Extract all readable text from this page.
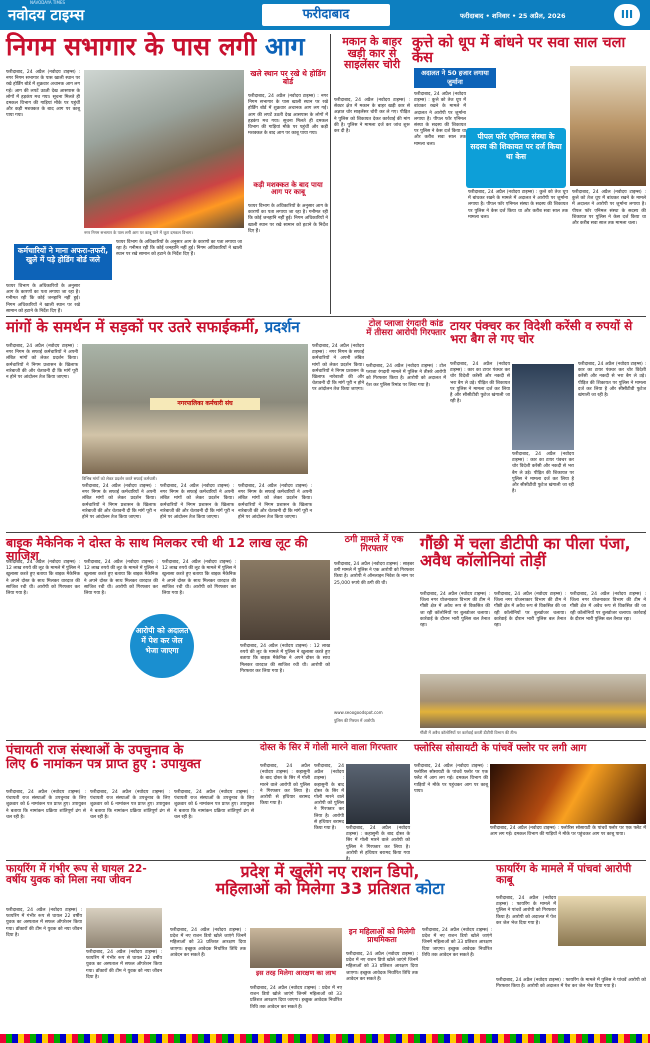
नवोदय टाइम्स
NAVODAYA TIMES
फरीदाबाद	फरीदाबाद • शनिवार • 25 अप्रैल, 2026	III
निगम सभागार के पास लगी आग
नगर निगम सभागार के पास लगी आग पर काबू पाने में जुटा दमकल विभाग।
फरीदाबाद, 24 अप्रैल (नवोदय टाइम्स) : नगर निगम सभागार के पास खाली स्थान पर रखे होर्डिंग बोर्ड में शुक्रवार अचानक आग लग गई। आग की लपटें उठती देख आसपास के लोगों में हड़कंप मच गया। सूचना मिलते ही दमकल विभाग की गाड़ियां मौके पर पहुंचीं और कड़ी मशक्कत के बाद आग पर काबू पाया गया।
कर्मचारियों ने माना अफरा-तफरी, खुले में पड़े होडिंग बोर्ड जले
फायर विभाग के अधिकारियों के अनुसार आग के कारणों का पता लगाया जा रहा है। गनीमत रही कि कोई जनहानि नहीं हुई। निगम अधिकारियों ने खाली स्थान पर रखे सामान को हटाने के निर्देश दिए हैं।
फायर विभाग के अधिकारियों के अनुसार आग के कारणों का पता लगाया जा रहा है। गनीमत रही कि कोई जनहानि नहीं हुई। निगम अधिकारियों ने खाली स्थान पर रखे सामान को हटाने के निर्देश दिए हैं।
खले स्थान पर रखे थे होडिंग बोर्ड
फरीदाबाद, 24 अप्रैल (नवोदय टाइम्स) : नगर निगम सभागार के पास खाली स्थान पर रखे होर्डिंग बोर्ड में शुक्रवार अचानक आग लग गई। आग की लपटें उठती देख आसपास के लोगों में हड़कंप मच गया। सूचना मिलते ही दमकल विभाग की गाड़ियां मौके पर पहुंचीं और कड़ी मशक्कत के बाद आग पर काबू पाया गया।
कड़ी मशक्कत के बाद पाया आग पर काबू
फायर विभाग के अधिकारियों के अनुसार आग के कारणों का पता लगाया जा रहा है। गनीमत रही कि कोई जनहानि नहीं हुई। निगम अधिकारियों ने खाली स्थान पर रखे सामान को हटाने के निर्देश दिए हैं।
मकान के बाहर खड़ी कार से साइलेंसर चोरी
फरीदाबाद, 24 अप्रैल (नवोदय टाइम्स) : सेक्टर क्षेत्र में मकान के बाहर खड़ी कार से अज्ञात चोर साइलेंसर चोरी कर ले गए। पीड़ित ने पुलिस को शिकायत देकर कार्रवाई की मांग की है। पुलिस ने मामला दर्ज कर जांच शुरू कर दी है।
कुत्ते को धूप में बांधने पर सवा साल चला केस
अदालत ने 50 हजार लगाया जुर्माना
फरीदाबाद, 24 अप्रैल (नवोदय टाइम्स) : कुत्ते को तेज धूप में बांधकर रखने के मामले में अदालत ने आरोपी पर जुर्माना लगाया है। पीपल फॉर एनिमल संस्था के सदस्य की शिकायत पर पुलिस ने केस दर्ज किया था और करीब सवा साल तक मामला चला।
पीपल फॉर एनिमल संस्था के सदस्य की शिकायत पर दर्ज किया था केस
फरीदाबाद, 24 अप्रैल (नवोदय टाइम्स) : कुत्ते को तेज धूप में बांधकर रखने के मामले में अदालत ने आरोपी पर जुर्माना लगाया है। पीपल फॉर एनिमल संस्था के सदस्य की शिकायत पर पुलिस ने केस दर्ज किया था और करीब सवा साल तक मामला चला।
फरीदाबाद, 24 अप्रैल (नवोदय टाइम्स) : कुत्ते को तेज धूप में बांधकर रखने के मामले में अदालत ने आरोपी पर जुर्माना लगाया है। पीपल फॉर एनिमल संस्था के सदस्य की शिकायत पर पुलिस ने केस दर्ज किया था और करीब सवा साल तक मामला चला।
मांगों के समर्थन में सड़कों पर उतरे सफाईकर्मी, प्रदर्शन
फरीदाबाद, 24 अप्रैल (नवोदय टाइम्स) : नगर निगम के सफाई कर्मचारियों ने अपनी लंबित मांगों को लेकर प्रदर्शन किया। कर्मचारियों ने निगम प्रशासन के खिलाफ नारेबाजी की और चेतावनी दी कि मांगें पूरी न होने पर आंदोलन तेज किया जाएगा।
नगरपालिका कर्मचारी संघ
विभिन्न मांगों को लेकर प्रदर्शन करते सफाई कर्मचारी।
फरीदाबाद, 24 अप्रैल (नवोदय टाइम्स) : नगर निगम के सफाई कर्मचारियों ने अपनी लंबित मांगों को लेकर प्रदर्शन किया। कर्मचारियों ने निगम प्रशासन के खिलाफ नारेबाजी की और चेतावनी दी कि मांगें पूरी न होने पर आंदोलन तेज किया जाएगा।
फरीदाबाद, 24 अप्रैल (नवोदय टाइम्स) : नगर निगम के सफाई कर्मचारियों ने अपनी लंबित मांगों को लेकर प्रदर्शन किया। कर्मचारियों ने निगम प्रशासन के खिलाफ नारेबाजी की और चेतावनी दी कि मांगें पूरी न होने पर आंदोलन तेज किया जाएगा।
फरीदाबाद, 24 अप्रैल (नवोदय टाइम्स) : नगर निगम के सफाई कर्मचारियों ने अपनी लंबित मांगों को लेकर प्रदर्शन किया। कर्मचारियों ने निगम प्रशासन के खिलाफ नारेबाजी की और चेतावनी दी कि मांगें पूरी न होने पर आंदोलन तेज किया जाएगा।
फरीदाबाद, 24 अप्रैल (नवोदय टाइम्स) : नगर निगम के सफाई कर्मचारियों ने अपनी लंबित मांगों को लेकर प्रदर्शन किया। कर्मचारियों ने निगम प्रशासन के खिलाफ नारेबाजी की और चेतावनी दी कि मांगें पूरी न होने पर आंदोलन तेज किया जाएगा।
टोल प्लाजा रंगदारी कांड में तीसरा आरोपी गिरफ्तार
फरीदाबाद, 24 अप्रैल (नवोदय टाइम्स) : टोल प्लाजा रंगदारी मामले में पुलिस ने तीसरे आरोपी को गिरफ्तार किया है। आरोपी को अदालत में पेश कर पुलिस रिमांड पर लिया गया है।
टायर पंक्चर कर विदेशी करेंसी व रुपयों से भरा बैग ले गए चोर
फरीदाबाद, 24 अप्रैल (नवोदय टाइम्स) : कार का टायर पंक्चर कर चोर विदेशी करेंसी और नकदी से भरा बैग ले उड़े। पीड़ित की शिकायत पर पुलिस ने मामला दर्ज कर लिया है और सीसीटीवी फुटेज खंगाली जा रही है।
फरीदाबाद, 24 अप्रैल (नवोदय टाइम्स) : कार का टायर पंक्चर कर चोर विदेशी करेंसी और नकदी से भरा बैग ले उड़े। पीड़ित की शिकायत पर पुलिस ने मामला दर्ज कर लिया है और सीसीटीवी फुटेज खंगाली जा रही है।
फरीदाबाद, 24 अप्रैल (नवोदय टाइम्स) : कार का टायर पंक्चर कर चोर विदेशी करेंसी और नकदी से भरा बैग ले उड़े। पीड़ित की शिकायत पर पुलिस ने मामला दर्ज कर लिया है और सीसीटीवी फुटेज खंगाली जा रही है।
बाइक मैकेनिक ने दोस्त के साथ मिलकर रची थी 12 लाख लूट की साजिश
फरीदाबाद, 24 अप्रैल (नवोदय टाइम्स) : 12 लाख रुपये की लूट के मामले में पुलिस ने खुलासा करते हुए बताया कि बाइक मैकेनिक ने अपने दोस्त के साथ मिलकर वारदात की साजिश रची थी। आरोपी को गिरफ्तार कर लिया गया है।
फरीदाबाद, 24 अप्रैल (नवोदय टाइम्स) : 12 लाख रुपये की लूट के मामले में पुलिस ने खुलासा करते हुए बताया कि बाइक मैकेनिक ने अपने दोस्त के साथ मिलकर वारदात की साजिश रची थी। आरोपी को गिरफ्तार कर लिया गया है।
फरीदाबाद, 24 अप्रैल (नवोदय टाइम्स) : 12 लाख रुपये की लूट के मामले में पुलिस ने खुलासा करते हुए बताया कि बाइक मैकेनिक ने अपने दोस्त के साथ मिलकर वारदात की साजिश रची थी। आरोपी को गिरफ्तार कर लिया गया है।
आरोपी को अदालत में पेश कर जेल भेजा जाएगा	फरीदाबाद, 24 अप्रैल (नवोदय टाइम्स) : 12 लाख रुपये की लूट के मामले में पुलिस ने खुलासा करते हुए बताया कि बाइक मैकेनिक ने अपने दोस्त के साथ मिलकर वारदात की साजिश रची थी। आरोपी को गिरफ्तार कर लिया गया है।
ठगी मामले में एक गिरफ्तार
फरीदाबाद, 24 अप्रैल (नवोदय टाइम्स) : साइबर ठगी मामले में पुलिस ने एक आरोपी को गिरफ्तार किया है। आरोपी ने ऑनलाइन निवेश के नाम पर 25,000 रुपये की ठगी की थी।
www.seoogoodspot.com
पुलिस की गिरफ्त में आरोपी।
गौंछी में चला डीटीपी का पीला पंजा, अवैध कॉलोनियां तोड़ीं
फरीदाबाद, 24 अप्रैल (नवोदय टाइम्स) : जिला नगर योजनाकार विभाग की टीम ने गौंछी क्षेत्र में अवैध रूप से विकसित की जा रही कॉलोनियों पर बुलडोजर चलाया। कार्रवाई के दौरान भारी पुलिस बल तैनात रहा।
फरीदाबाद, 24 अप्रैल (नवोदय टाइम्स) : जिला नगर योजनाकार विभाग की टीम ने गौंछी क्षेत्र में अवैध रूप से विकसित की जा रही कॉलोनियों पर बुलडोजर चलाया। कार्रवाई के दौरान भारी पुलिस बल तैनात रहा।
फरीदाबाद, 24 अप्रैल (नवोदय टाइम्स) : जिला नगर योजनाकार विभाग की टीम ने गौंछी क्षेत्र में अवैध रूप से विकसित की जा रही कॉलोनियों पर बुलडोजर चलाया। कार्रवाई के दौरान भारी पुलिस बल तैनात रहा।
गौंछी में अवैध कॉलोनियों पर कार्रवाई करती डीटीपी विभाग की टीम।
पंचायती राज संस्थाओं के उपचुनाव के
लिए 6 नामांकन पत्र प्राप्त हुए : उपायुक्त
फरीदाबाद, 24 अप्रैल (नवोदय टाइम्स) : पंचायती राज संस्थाओं के उपचुनाव के लिए शुक्रवार को 6 नामांकन पत्र प्राप्त हुए। उपायुक्त ने बताया कि नामांकन प्रक्रिया शांतिपूर्ण ढंग से चल रही है।
फरीदाबाद, 24 अप्रैल (नवोदय टाइम्स) : पंचायती राज संस्थाओं के उपचुनाव के लिए शुक्रवार को 6 नामांकन पत्र प्राप्त हुए। उपायुक्त ने बताया कि नामांकन प्रक्रिया शांतिपूर्ण ढंग से चल रही है।
फरीदाबाद, 24 अप्रैल (नवोदय टाइम्स) : पंचायती राज संस्थाओं के उपचुनाव के लिए शुक्रवार को 6 नामांकन पत्र प्राप्त हुए। उपायुक्त ने बताया कि नामांकन प्रक्रिया शांतिपूर्ण ढंग से चल रही है।
दोस्त के सिर में गोली मारने वाला गिरफ्तार
फरीदाबाद, 24 अप्रैल (नवोदय टाइम्स) : कहासुनी के बाद दोस्त के सिर में गोली मारने वाले आरोपी को पुलिस ने गिरफ्तार कर लिया है। आरोपी से हथियार बरामद किया गया है।
फरीदाबाद, 24 अप्रैल (नवोदय टाइम्स) : कहासुनी के बाद दोस्त के सिर में गोली मारने वाले आरोपी को पुलिस ने गिरफ्तार कर लिया है। आरोपी से हथियार बरामद किया गया है।	फरीदाबाद, 24 अप्रैल (नवोदय टाइम्स) : कहासुनी के बाद दोस्त के सिर में गोली मारने वाले आरोपी को पुलिस ने गिरफ्तार कर लिया है। आरोपी से हथियार बरामद किया गया
फ्लोरिस सोसायटी के पांचवें फ्लोर पर लगी आग
फरीदाबाद, 24 अप्रैल (नवोदय टाइम्स) : फ्लोरिस सोसायटी के पांचवें फ्लोर पर एक फ्लैट में आग लग गई। दमकल विभाग की गाड़ियों ने मौके पर पहुंचकर आग पर काबू पाया।
फरीदाबाद, 24 अप्रैल (नवोदय टाइम्स) : फ्लोरिस सोसायटी के पांचवें फ्लोर पर एक फ्लैट में आग लग गई। दमकल विभाग की गाड़ियों ने मौके पर पहुंचकर आग पर काबू पाया।
फायरिंग में गंभीर रूप से घायल 22-वर्षीय युवक को मिला नया जीवन
फरीदाबाद, 24 अप्रैल (नवोदय टाइम्स) : फायरिंग में गंभीर रूप से घायल 22 वर्षीय युवक का अस्पताल में सफल ऑपरेशन किया गया। डॉक्टरों की टीम ने युवक को नया जीवन दिया है।
फरीदाबाद, 24 अप्रैल (नवोदय टाइम्स) : फायरिंग में गंभीर रूप से घायल 22 वर्षीय युवक का अस्पताल में सफल ऑपरेशन किया गया। डॉक्टरों की टीम ने युवक को नया जीवन दिया है।
प्रदेश में खुलेंगे नए राशन डिपो,
महिलाओं को मिलेगा 33 प्रतिशत कोटा
फरीदाबाद, 24 अप्रैल (नवोदय टाइम्स) : प्रदेश में नए राशन डिपो खोले जाएंगे जिनमें महिलाओं को 33 प्रतिशत आरक्षण दिया जाएगा। इच्छुक आवेदक निर्धारित तिथि तक आवेदन कर सकते हैं।
इस तरह मिलेगा आरक्षण का लाभ
फरीदाबाद, 24 अप्रैल (नवोदय टाइम्स) : प्रदेश में नए राशन डिपो खोले जाएंगे जिनमें महिलाओं को 33 प्रतिशत आरक्षण दिया जाएगा। इच्छुक आवेदक निर्धारित तिथि तक आवेदन कर सकते हैं।
इन महिलाओं को मिलेगी प्राथमिकता
फरीदाबाद, 24 अप्रैल (नवोदय टाइम्स) : प्रदेश में नए राशन डिपो खोले जाएंगे जिनमें महिलाओं को 33 प्रतिशत आरक्षण दिया जाएगा। इच्छुक आवेदक निर्धारित तिथि तक आवेदन कर सकते हैं।
फरीदाबाद, 24 अप्रैल (नवोदय टाइम्स) : प्रदेश में नए राशन डिपो खोले जाएंगे जिनमें महिलाओं को 33 प्रतिशत आरक्षण दिया जाएगा। इच्छुक आवेदक निर्धारित तिथि तक आवेदन कर सकते हैं।
फायरिंग के मामले में पांचवां आरोपी काबू
फरीदाबाद, 24 अप्रैल (नवोदय टाइम्स) : फायरिंग के मामले में पुलिस ने पांचवें आरोपी को गिरफ्तार किया है। आरोपी को अदालत में पेश कर जेल भेज दिया गया है।
फरीदाबाद, 24 अप्रैल (नवोदय टाइम्स) : फायरिंग के मामले में पुलिस ने पांचवें आरोपी को गिरफ्तार किया है। आरोपी को अदालत में पेश कर जेल भेज दिया गया है।
